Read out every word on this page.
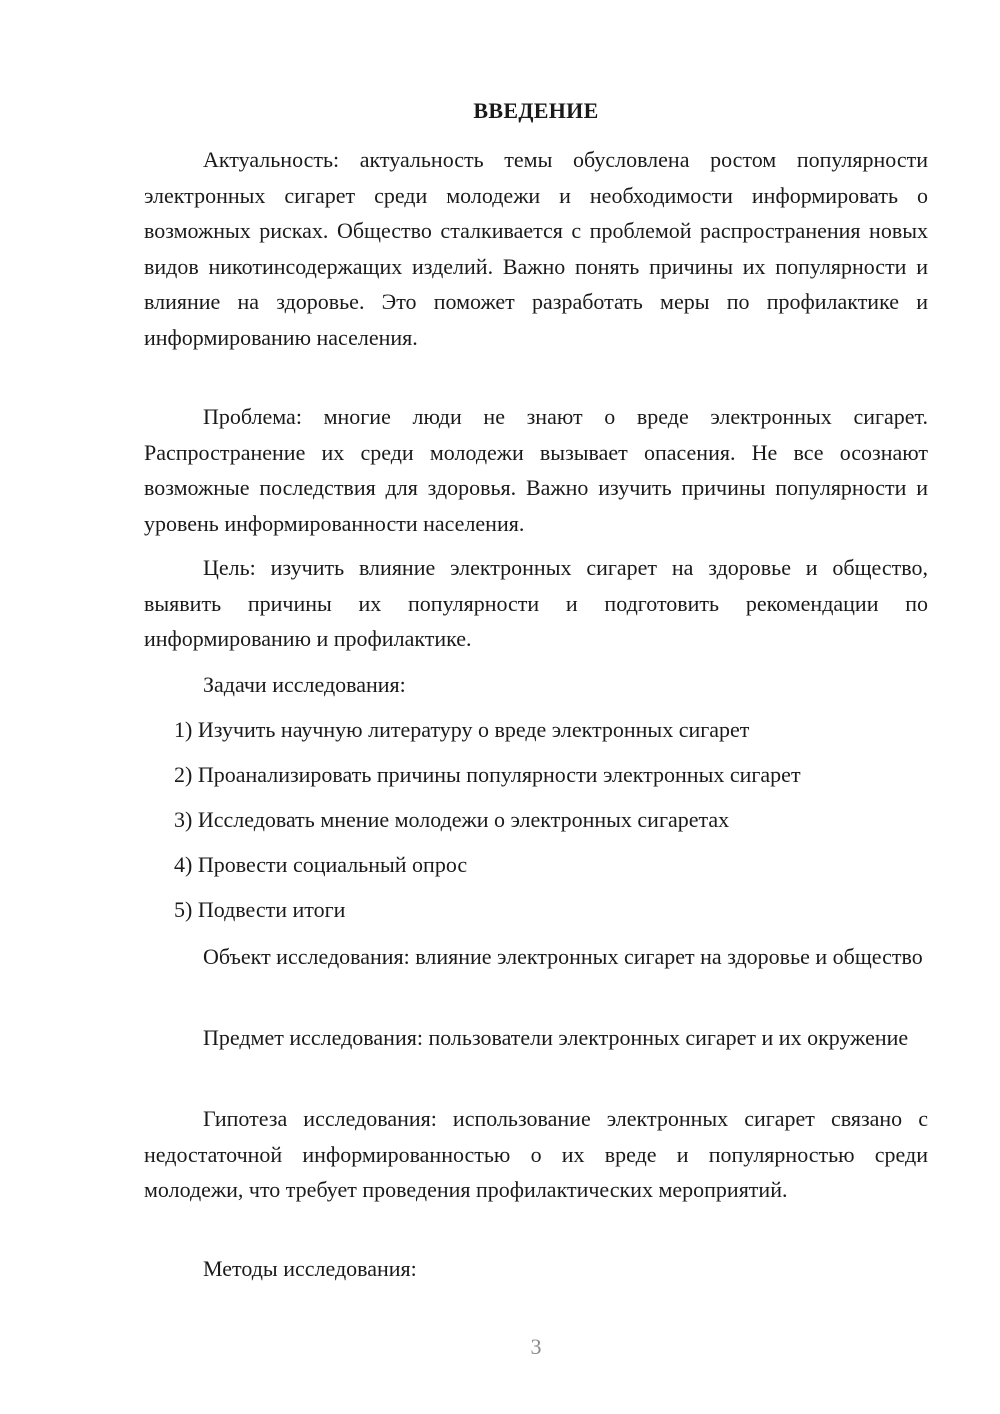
ВВЕДЕНИЕ

Актуальность: актуальность темы обусловлена ростом популярности электронных сигарет среди молодежи и необходимости информировать о возможных рисках. Общество сталкивается с проблемой распространения новых видов никотинсодержащих изделий. Важно понять причины их популярности и влияние на здоровье. Это поможет разработать меры по профилактике и информированию населения.

Проблема: многие люди не знают о вреде электронных сигарет. Распространение их среди молодежи вызывает опасения. Не все осознают возможные последствия для здоровья. Важно изучить причины популярности и уровень информированности населения.

Цель: изучить влияние электронных сигарет на здоровье и общество, выявить причины их популярности и подготовить рекомендации по информированию и профилактике.

Задачи исследования:

1) Изучить научную литературу о вреде электронных сигарет

2) Проанализировать причины популярности электронных сигарет

3) Исследовать мнение молодежи о электронных сигаретах

4) Провести социальный опрос

5) Подвести итоги

Объект исследования: влияние электронных сигарет на здоровье и общество

Предмет исследования: пользователи электронных сигарет и их окружение

Гипотеза исследования: использование электронных сигарет связано с недостаточной информированностью о их вреде и популярностью среди молодежи, что требует проведения профилактических мероприятий.

Методы исследования:

3
